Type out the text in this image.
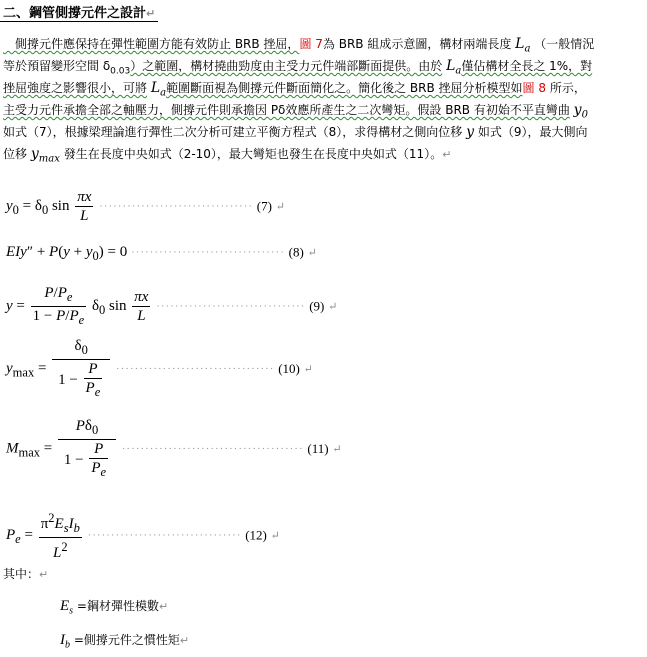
二、鋼管側撐元件之設計↵
　側撐元件應保持在彈性範圍方能有效防止 BRB 挫屈，圖 7為 BRB 組成示意圖，構材兩端長度 $L_a$ （一般情況
等於預留變形空間 $\delta_{0.03}$）之範圍，構材撓曲勁度由主受力元件端部斷面提供。由於 $L_a$僅佔構材全長之 1%，對
挫屈強度之影響很小，可將 $L_a$範圍斷面視為側撐元件斷面簡化之。簡化後之 BRB 挫屈分析模型如圖 8 所示，
主受力元件承擔全部之軸壓力，側撐元件則承擔因 Pδ效應所產生之二次彎矩。假設 BRB 有初始不平直彎曲 $y_0$
如式（7），根據梁理論進行彈性二次分析可建立平衡方程式（8），求得構材之側向位移 y 如式（9），最大側向
位移 $y_{max}$ 發生在長度中央如式（2-10），最大彎矩也發生在長度中央如式（11）。↵
$y_0 = \delta_0$ $\sin \frac{\pi x}{L}$ ································· (7) ↵
$EIy'' + P(y + y_0) = 0$ ································· (8) ↵
$y = \frac{P/P_e}{1 - P/P_e} \delta_0$ $\sin \frac{\pi x}{L}$ ································ (9) ↵
$y_{max} = \frac{\delta_0}{1 - \frac{P}{P_e}}$ ·································· (10) ↵
$M_{max} = \frac{P\delta_0}{1 - \frac{P}{P_e}}$ ······································· (11) ↵
$P_e = \frac{\pi^2E_sI_b}{L^2}$ ································· (12) ↵
其中：↵
$E_s$ =鋼材彈性模數↵
$I_b$ =側撐元件之慣性矩↵
